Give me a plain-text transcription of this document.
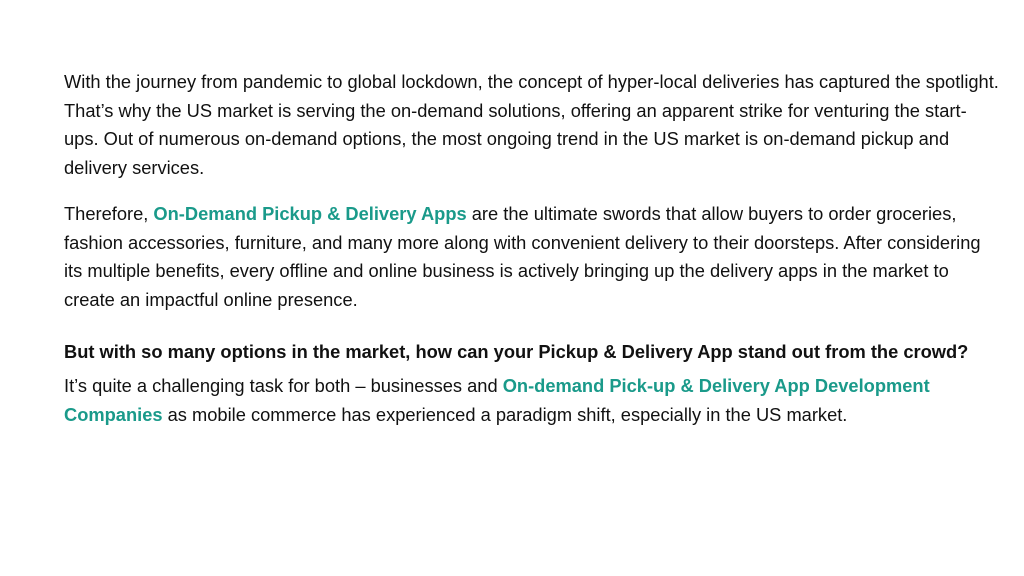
With the journey from pandemic to global lockdown, the concept of hyper-local deliveries has captured the spotlight. That’s why the US market is serving the on-demand solutions, offering an apparent strike for venturing the start-ups. Out of numerous on-demand options, the most ongoing trend in the US market is on-demand pickup and delivery services.

Therefore, On-Demand Pickup & Delivery Apps are the ultimate swords that allow buyers to order groceries, fashion accessories, furniture, and many more along with convenient delivery to their doorsteps. After considering its multiple benefits, every offline and online business is actively bringing up the delivery apps in the market to create an impactful online presence.

But with so many options in the market, how can your Pickup & Delivery App stand out from the crowd?

It’s quite a challenging task for both – businesses and On-demand Pick-up & Delivery App Development Companies as mobile commerce has experienced a paradigm shift, especially in the US market.
